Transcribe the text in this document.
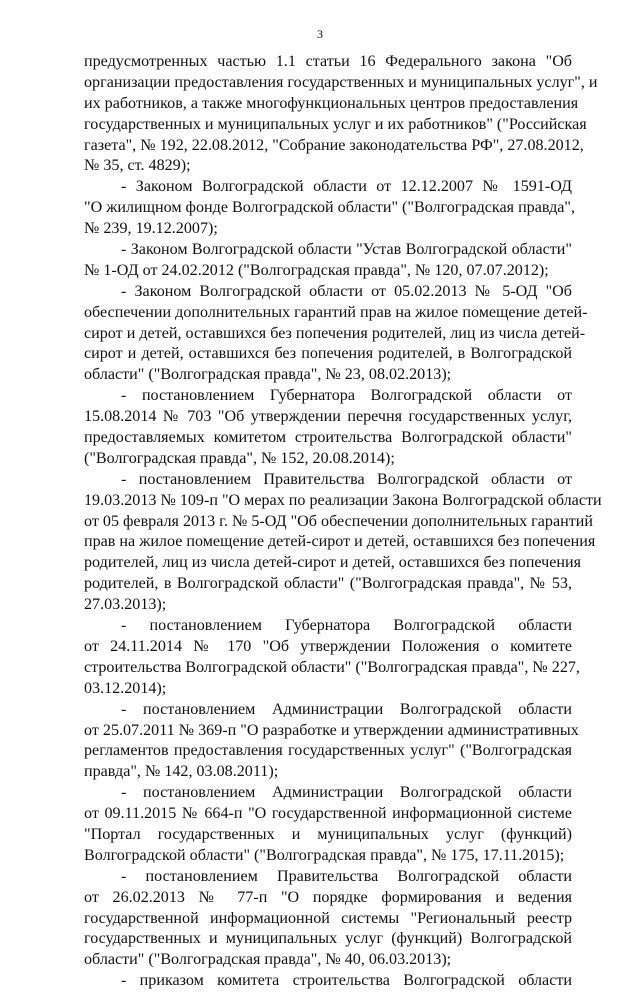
3
предусмотренных частью 1.1 статьи 16 Федерального закона "Об
организации предоставления государственных и муниципальных услуг", и
их работников, а также многофункциональных центров предоставления
государственных и муниципальных услуг и их работников" ("Российская
газета", № 192, 22.08.2012, "Собрание законодательства РФ", 27.08.2012,
№ 35, ст. 4829);
- Законом Волгоградской области от 12.12.2007 № 1591-ОД
"О жилищном фонде Волгоградской области" ("Волгоградская правда",
№ 239, 19.12.2007);
- Законом Волгоградской области "Устав Волгоградской области"
№ 1-ОД от 24.02.2012 ("Волгоградская правда", № 120, 07.07.2012);
- Законом Волгоградской области от 05.02.2013 № 5-ОД "Об
обеспечении дополнительных гарантий прав на жилое помещение детей-
сирот и детей, оставшихся без попечения родителей, лиц из числа детей-
сирот и детей, оставшихся без попечения родителей, в Волгоградской
области" ("Волгоградская правда", № 23, 08.02.2013);
- постановлением Губернатора Волгоградской области от
15.08.2014 № 703 "Об утверждении перечня государственных услуг,
предоставляемых комитетом строительства Волгоградской области"
("Волгоградская правда", № 152, 20.08.2014);
- постановлением Правительства Волгоградской области от
19.03.2013 № 109-п "О мерах по реализации Закона Волгоградской области
от 05 февраля 2013 г. № 5-ОД "Об обеспечении дополнительных гарантий
прав на жилое помещение детей-сирот и детей, оставшихся без попечения
родителей, лиц из числа детей-сирот и детей, оставшихся без попечения
родителей, в Волгоградской области" ("Волгоградская правда", № 53,
27.03.2013);
- постановлением Губернатора Волгоградской области
от 24.11.2014 № 170 "Об утверждении Положения о комитете
строительства Волгоградской области" ("Волгоградская правда", № 227,
03.12.2014);
- постановлением Администрации Волгоградской области
от 25.07.2011 № 369-п "О разработке и утверждении административных
регламентов предоставления государственных услуг" ("Волгоградская
правда", № 142, 03.08.2011);
- постановлением Администрации Волгоградской области
от 09.11.2015 № 664-п "О государственной информационной системе
"Портал государственных и муниципальных услуг (функций)
Волгоградской области" ("Волгоградская правда", № 175, 17.11.2015);
- постановлением Правительства Волгоградской области
от 26.02.2013 № 77-п "О порядке формирования и ведения
государственной информационной системы "Региональный реестр
государственных и муниципальных услуг (функций) Волгоградской
области" ("Волгоградская правда", № 40, 06.03.2013);
- приказом комитета строительства Волгоградской области
